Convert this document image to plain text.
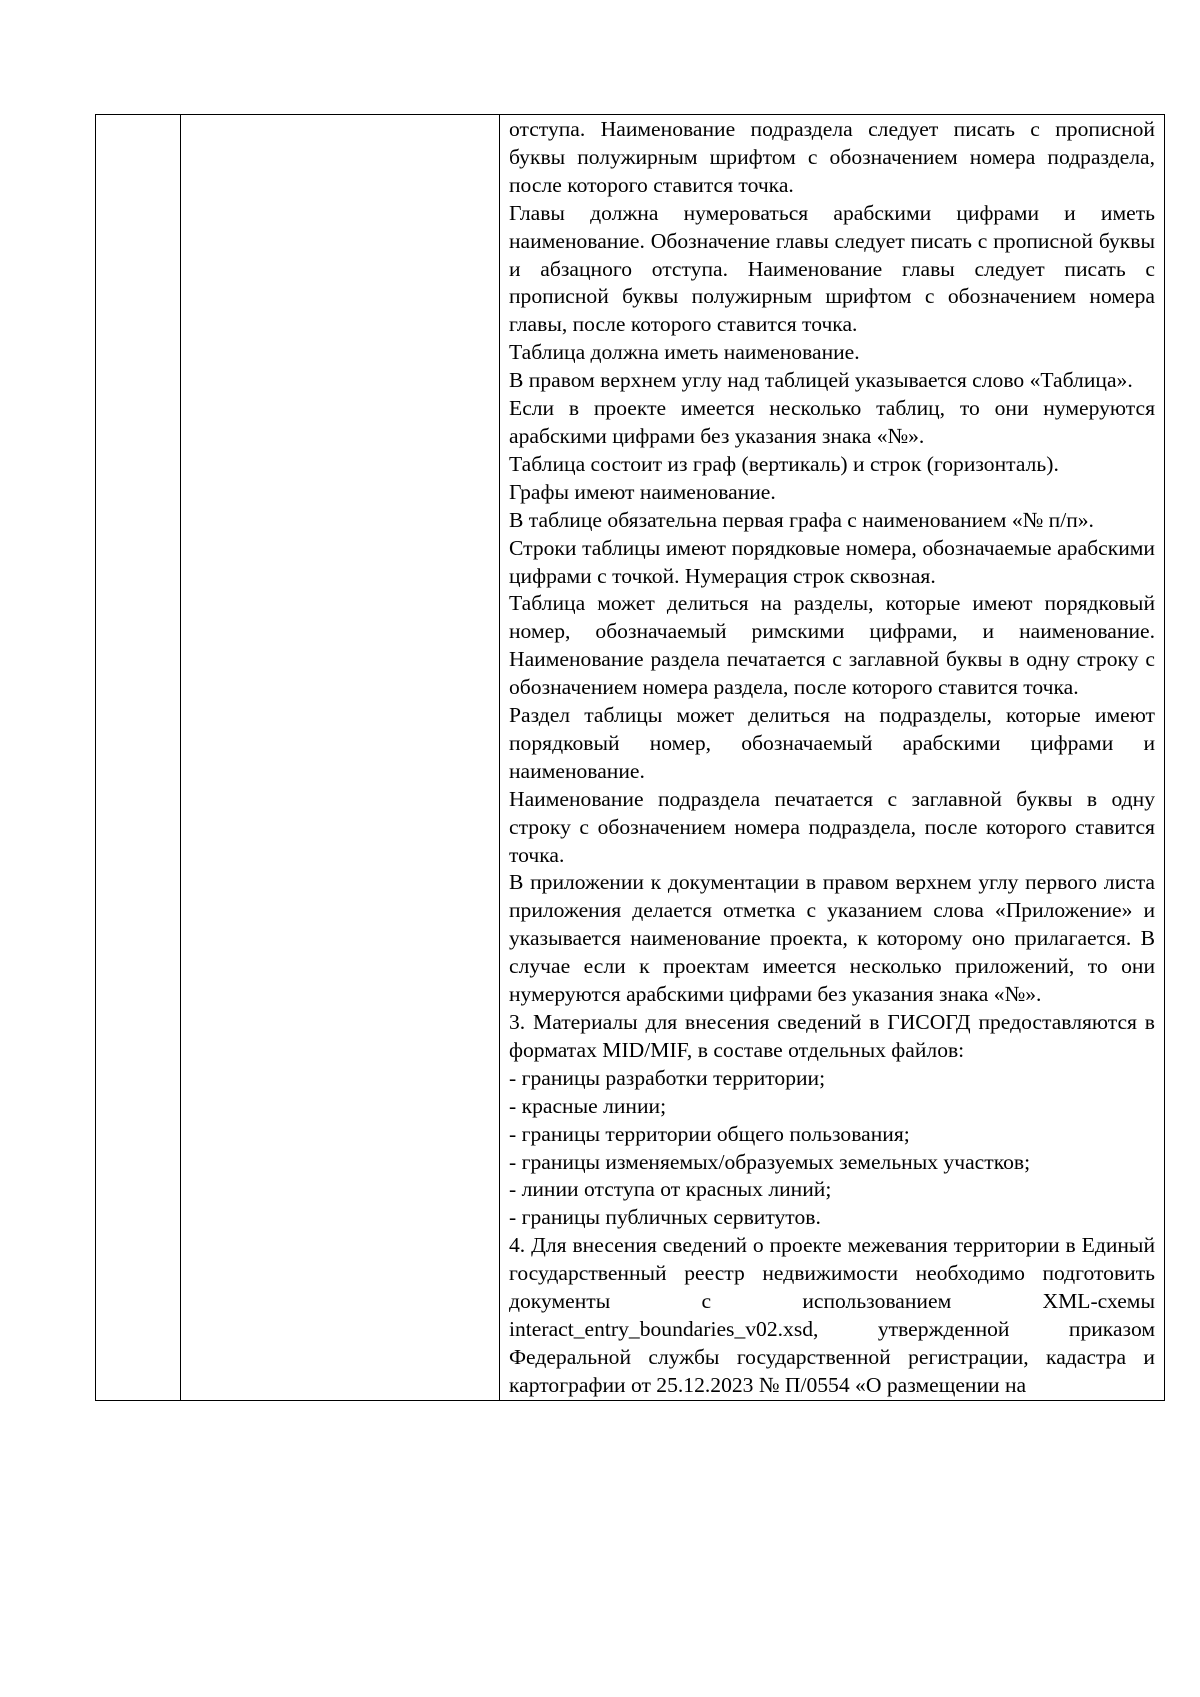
отступа. Наименование подраздела следует писать с прописной буквы полужирным шрифтом с обозначением номера подраздела, после которого ставится точка.

Главы должна нумероваться арабскими цифрами и иметь наименование. Обозначение главы следует писать с прописной буквы и абзацного отступа. Наименование главы следует писать с прописной буквы полужирным шрифтом с обозначением номера главы, после которого ставится точка.

Таблица должна иметь наименование.

В правом верхнем углу над таблицей указывается слово «Таблица».

Если в проекте имеется несколько таблиц, то они нумеруются арабскими цифрами без указания знака «№».

Таблица состоит из граф (вертикаль) и строк (горизонталь).

Графы имеют наименование.

В таблице обязательна первая графа с наименованием «№ п/п».

Строки таблицы имеют порядковые номера, обозначаемые арабскими цифрами с точкой. Нумерация строк сквозная.

Таблица может делиться на разделы, которые имеют порядковый номер, обозначаемый римскими цифрами, и наименование. Наименование раздела печатается с заглавной буквы в одну строку с обозначением номера раздела, после которого ставится точка.

Раздел таблицы может делиться на подразделы, которые имеют порядковый номер, обозначаемый арабскими цифрами и наименование.

Наименование подраздела печатается с заглавной буквы в одну строку с обозначением номера подраздела, после которого ставится точка.

В приложении к документации в правом верхнем углу первого листа приложения делается отметка с указанием слова «Приложение» и указывается наименование проекта, к которому оно прилагается. В случае если к проектам имеется несколько приложений, то они нумеруются арабскими цифрами без указания знака «№».

3. Материалы для внесения сведений в ГИСОГД предоставляются в форматах MID/MIF, в составе отдельных файлов:

- границы разработки территории;

- красные линии;

- границы территории общего пользования;

- границы изменяемых/образуемых земельных участков;

- линии отступа от красных линий;

- границы публичных сервитутов.

4. Для внесения сведений о проекте межевания территории в Единый государственный реестр недвижимости необходимо подготовить документы с использованием XML-схемы interact_entry_boundaries_v02.xsd, утвержденной приказом Федеральной службы государственной регистрации, кадастра и картографии от 25.12.2023 № П/0554 «О размещении на
